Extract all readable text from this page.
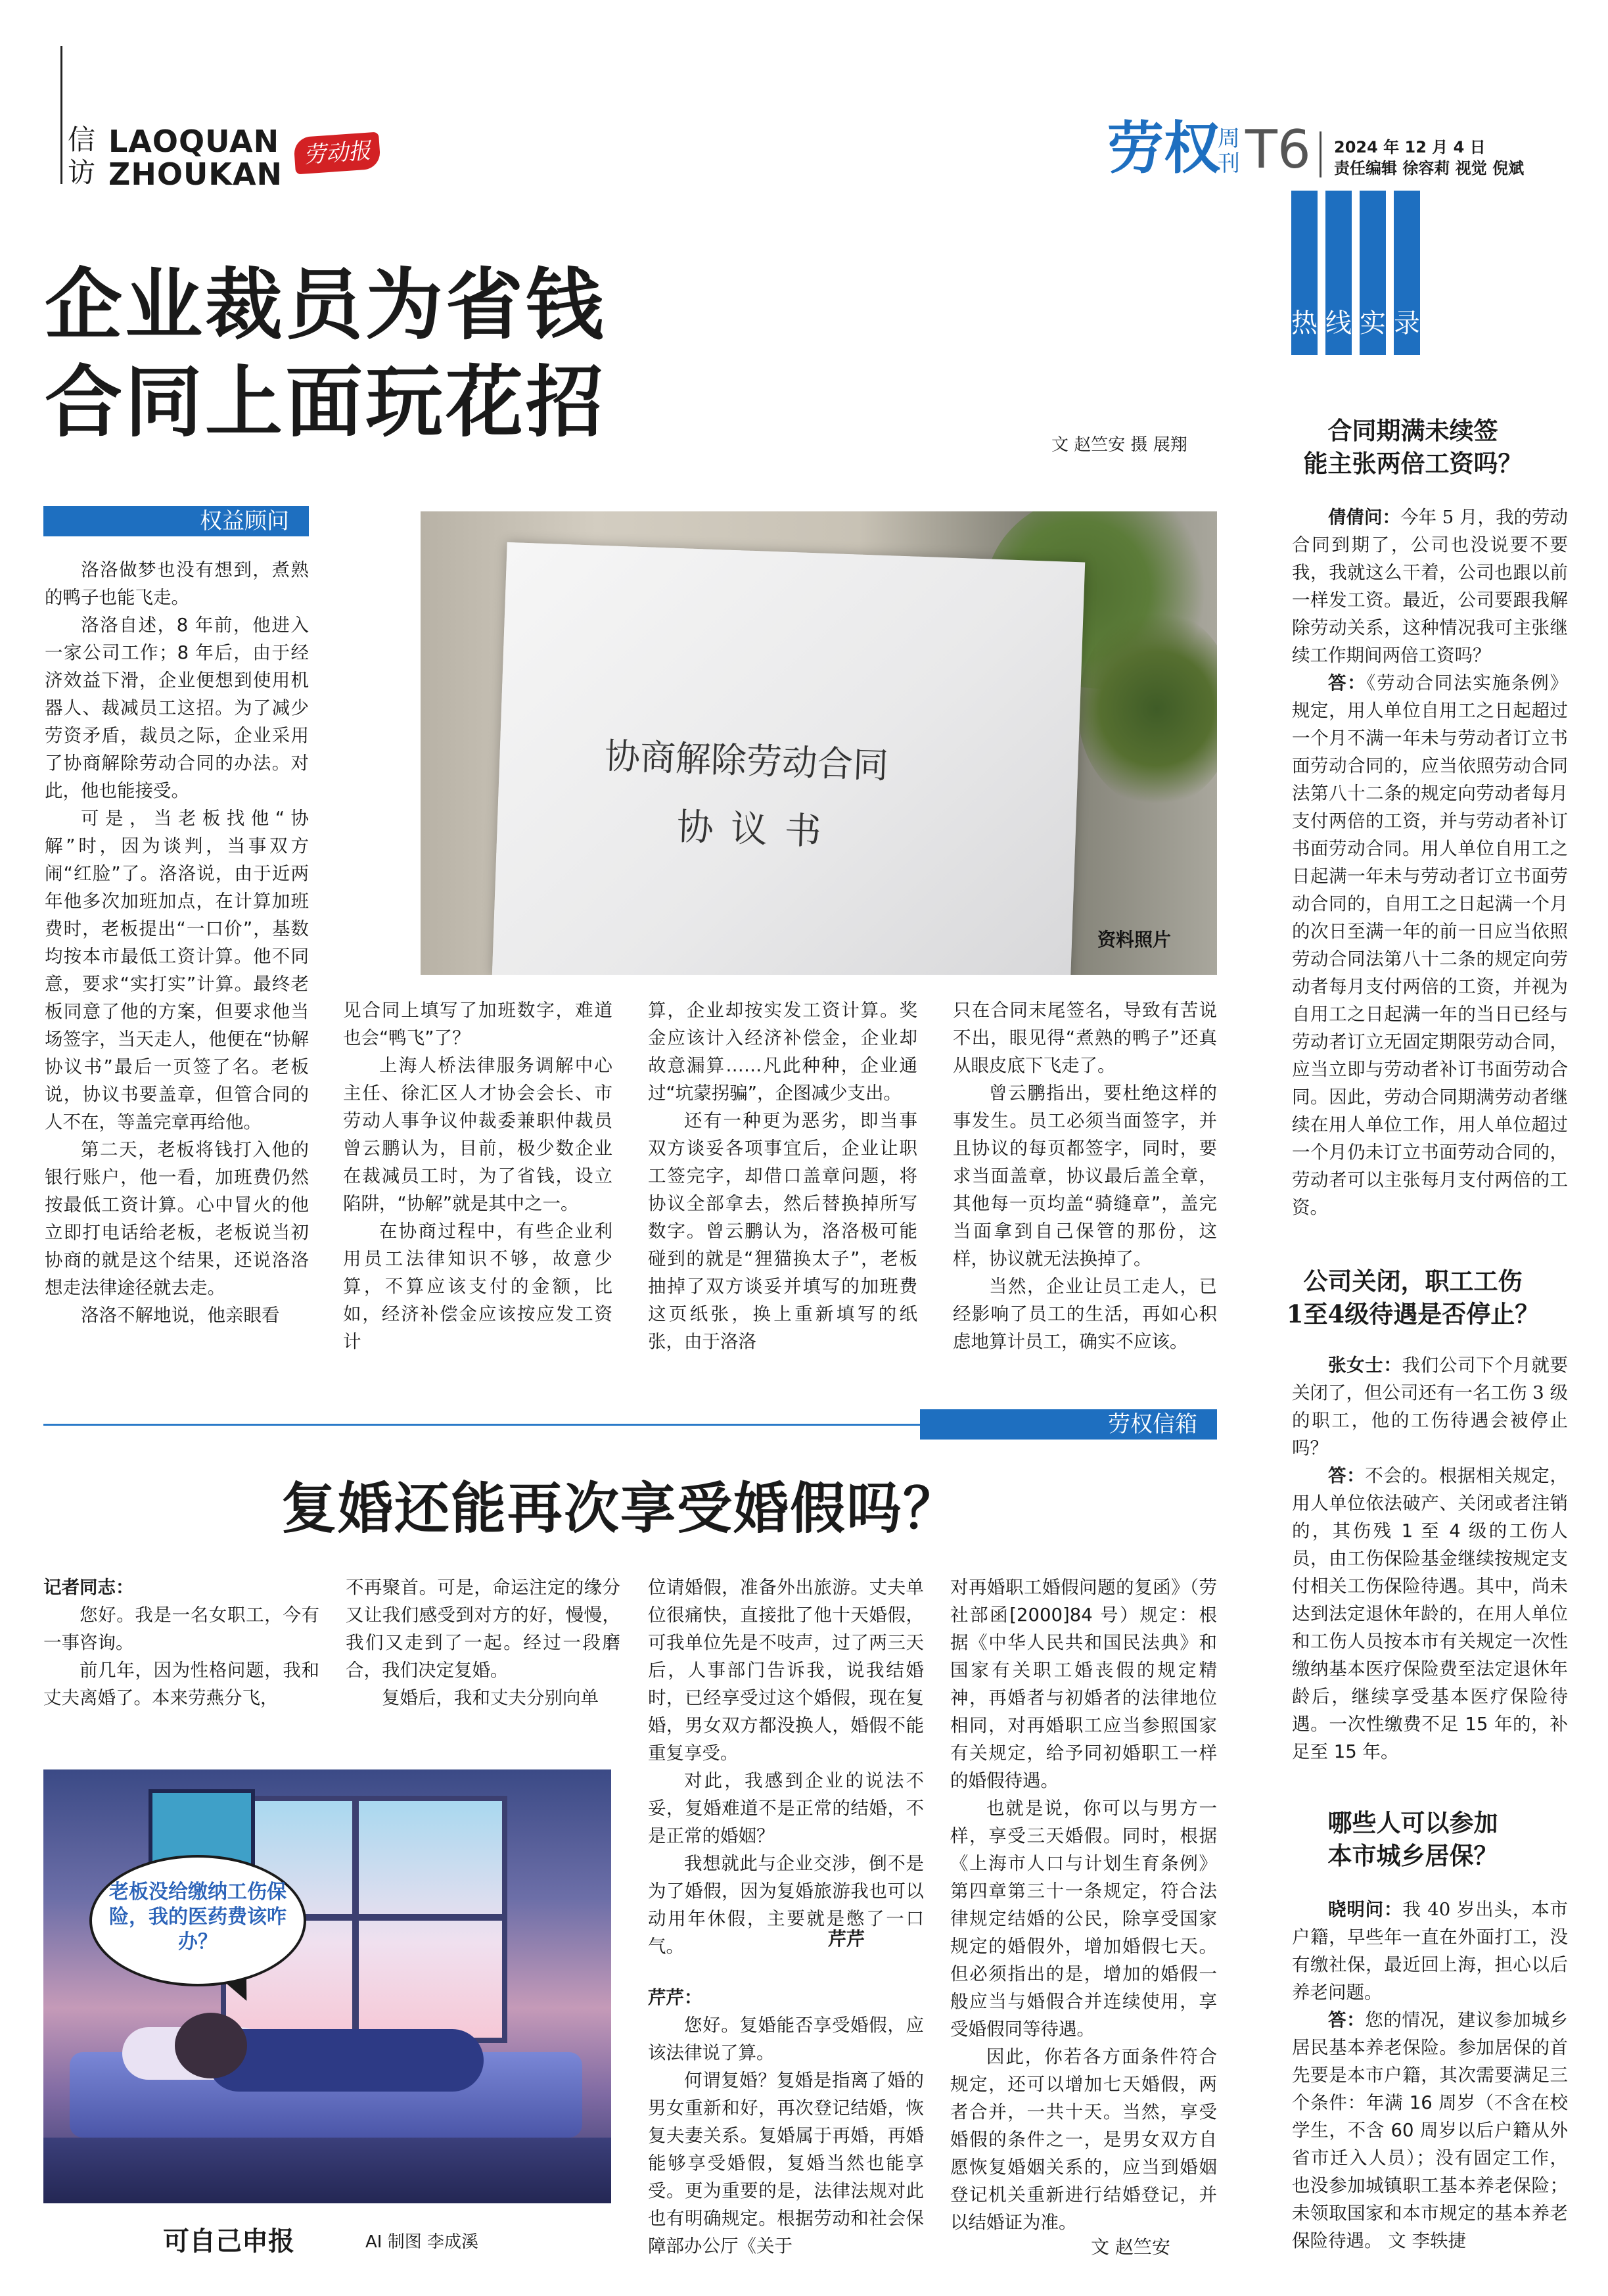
信访
LAOQUAN
ZHOUKAN
劳动报	劳权
周刊 T6 2024 年 12 月 4 日
责任编辑 徐容莉 视觉 倪斌
热 线 实 录
企业裁员为省钱
合同上面玩花招	文 赵竺安 摄 展翔
权益顾问
协商解除劳动合同
协议书
资料照片

洛洛做梦也没有想到，煮熟的鸭子也能飞走。

洛洛自述，8 年前，他进入一家公司工作；8 年后，由于经济效益下滑，企业便想到使用机器人、裁减员工这招。为了减少劳资矛盾，裁员之际，企业采用了协商解除劳动合同的办法。对此，他也能接受。

可是，当老板找他“协解”时，因为谈判，当事双方闹“红脸”了。洛洛说，由于近两年他多次加班加点，在计算加班费时，老板提出“一口价”，基数均按本市最低工资计算。他不同意，要求“实打实”计算。最终老板同意了他的方案，但要求他当场签字，当天走人，他便在“协解协议书”最后一页签了名。老板说，协议书要盖章，但管合同的人不在，等盖完章再给他。

第二天，老板将钱打入他的银行账户，他一看，加班费仍然按最低工资计算。心中冒火的他立即打电话给老板，老板说当初协商的就是这个结果，还说洛洛想走法律途径就去走。

洛洛不解地说，他亲眼看

见合同上填写了加班数字，难道也会“鸭飞”了？

上海人桥法律服务调解中心主任、徐汇区人才协会会长、市劳动人事争议仲裁委兼职仲裁员曾云鹏认为，目前，极少数企业在裁减员工时，为了省钱，设立陷阱，“协解”就是其中之一。

在协商过程中，有些企业利用员工法律知识不够，故意少算，不算应该支付的金额，比如，经济补偿金应该按应发工资计

算，企业却按实发工资计算。奖金应该计入经济补偿金，企业却故意漏算……凡此种种，企业通过“坑蒙拐骗”，企图减少支出。

还有一种更为恶劣，即当事双方谈妥各项事宜后，企业让职工签完字，却借口盖章问题，将协议全部拿去，然后替换掉所写数字。曾云鹏认为，洛洛极可能碰到的就是“狸猫换太子”，老板抽掉了双方谈妥并填写的加班费这页纸张，换上重新填写的纸张，由于洛洛

只在合同末尾签名，导致有苦说不出，眼见得“煮熟的鸭子”还真从眼皮底下飞走了。

曾云鹏指出，要杜绝这样的事发生。员工必须当面签字，并且协议的每页都签字，同时，要求当面盖章，协议最后盖全章，其他每一页均盖“骑缝章”，盖完当面拿到自己保管的那份，这样，协议就无法换掉了。

当然，企业让员工走人，已经影响了员工的生活，再如心积虑地算计员工，确实不应该。

劳权信箱
复婚还能再次享受婚假吗？

记者同志：

您好。我是一名女职工，今有一事咨询。

前几年，因为性格问题，我和丈夫离婚了。本来劳燕分飞，

不再聚首。可是，命运注定的缘分又让我们感受到对方的好，慢慢，我们又走到了一起。经过一段磨合，我们决定复婚。

复婚后，我和丈夫分别向单

位请婚假，准备外出旅游。丈夫单位很痛快，直接批了他十天婚假，可我单位先是不吱声，过了两三天后，人事部门告诉我，说我结婚时，已经享受过这个婚假，现在复婚，男女双方都没换人，婚假不能重复享受。

对此，我感到企业的说法不妥，复婚难道不是正常的结婚，不是正常的婚姻？

我想就此与企业交涉，倒不是为了婚假，因为复婚旅游我也可以动用年休假，主要就是憋了一口气。	芹芹

芹芹：

您好。复婚能否享受婚假，应该法律说了算。

何谓复婚？复婚是指离了婚的男女重新和好，再次登记结婚，恢复夫妻关系。复婚属于再婚，再婚能够享受婚假，复婚当然也能享受。更为重要的是，法律法规对此也有明确规定。根据劳动和社会保障部办公厅《关于

对再婚职工婚假问题的复函》（劳社部函[2000]84 号）规定：根据《中华人民共和国民法典》和国家有关职工婚丧假的规定精神，再婚者与初婚者的法律地位相同，对再婚职工应当参照国家有关规定，给予同初婚职工一样的婚假待遇。

也就是说，你可以与男方一样，享受三天婚假。同时，根据《上海市人口与计划生育条例》第四章第三十一条规定，符合法律规定结婚的公民，除享受国家规定的婚假外，增加婚假七天。但必须指出的是，增加的婚假一般应当与婚假合并连续使用，享受婚假同等待遇。

因此，你若各方面条件符合规定，还可以增加七天婚假，两者合并，一共十天。当然，享受婚假的条件之一，是男女双方自愿恢复婚姻关系的，应当到婚姻登记机关重新进行结婚登记，并以结婚证为准。

文 赵竺安
老板没给缴纳工伤保险，我的医药费该咋办？
可自己申报	AI 制图 李成溪
合同期满未续签
能主张两倍工资吗？

倩倩问：今年 5 月，我的劳动合同到期了，公司也没说要不要我，我就这么干着，公司也跟以前一样发工资。最近，公司要跟我解除劳动关系，这种情况我可主张继续工作期间两倍工资吗？

答：《劳动合同法实施条例》规定，用人单位自用工之日起超过一个月不满一年未与劳动者订立书面劳动合同的，应当依照劳动合同法第八十二条的规定向劳动者每月支付两倍的工资，并与劳动者补订书面劳动合同。用人单位自用工之日起满一年未与劳动者订立书面劳动合同的，自用工之日起满一个月的次日至满一年的前一日应当依照劳动合同法第八十二条的规定向劳动者每月支付两倍的工资，并视为自用工之日起满一年的当日已经与劳动者订立无固定期限劳动合同，应当立即与劳动者补订书面劳动合同。因此，劳动合同期满劳动者继续在用人单位工作，用人单位超过一个月仍未订立书面劳动合同的，劳动者可以主张每月支付两倍的工资。

公司关闭，职工工伤
1至4级待遇是否停止？

张女士：我们公司下个月就要关闭了，但公司还有一名工伤 3 级的职工，他的工伤待遇会被停止吗？

答：不会的。根据相关规定，用人单位依法破产、关闭或者注销的，其伤残 1 至 4 级的工伤人员，由工伤保险基金继续按规定支付相关工伤保险待遇。其中，尚未达到法定退休年龄的，在用人单位和工伤人员按本市有关规定一次性缴纳基本医疗保险费至法定退休年龄后，继续享受基本医疗保险待遇。一次性缴费不足 15 年的，补足至 15 年。

哪些人可以参加
本市城乡居保？

晓明问：我 40 岁出头，本市户籍，早些年一直在外面打工，没有缴社保，最近回上海，担心以后养老问题。

答：您的情况，建议参加城乡居民基本养老保险。参加居保的首先要是本市户籍，其次需要满足三个条件：年满 16 周岁（不含在校学生，不含 60 周岁以后户籍从外省市迁入人员）；没有固定工作，也没参加城镇职工基本养老保险；未领取国家和本市规定的基本养老保险待遇。 文 李轶捷
